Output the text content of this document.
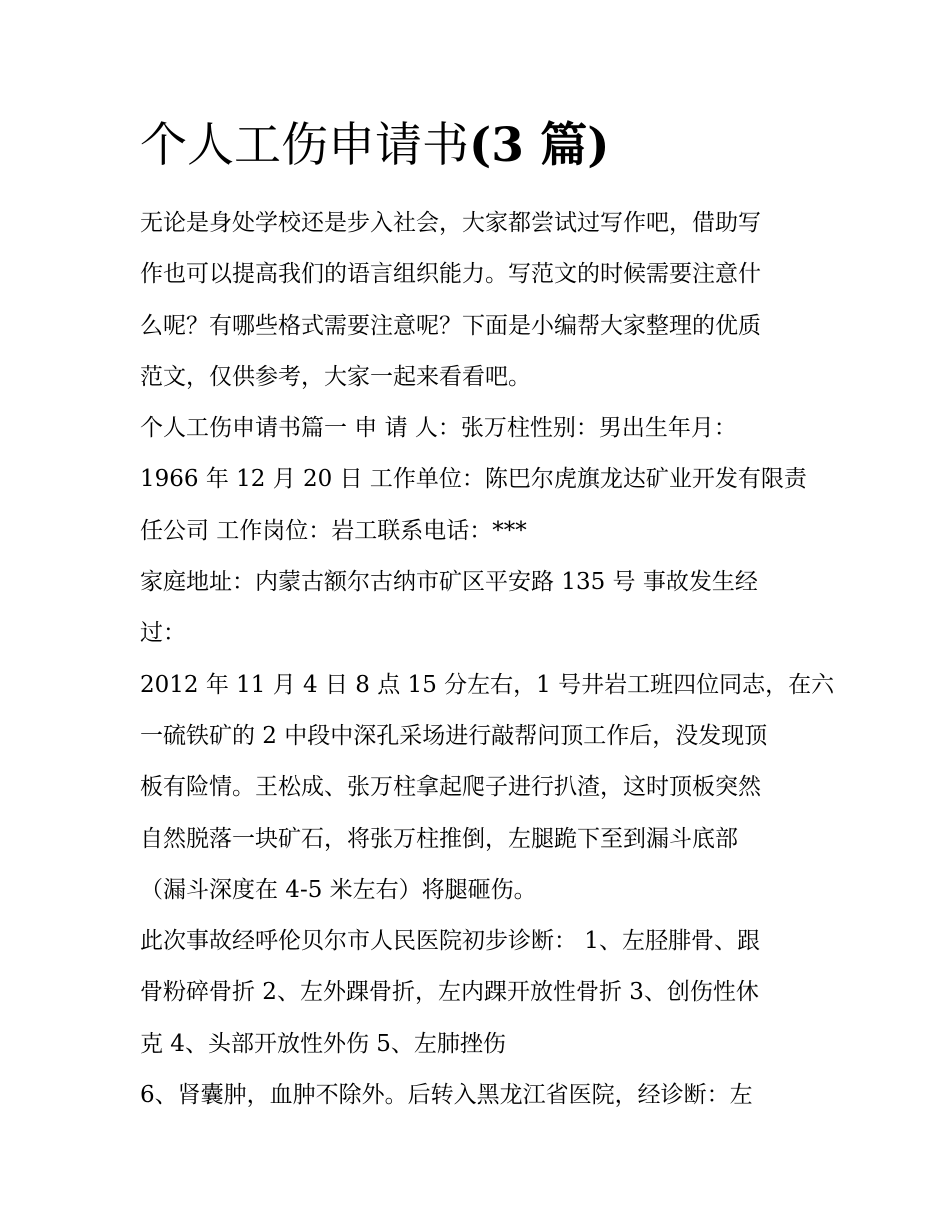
个人工伤申请书(3 篇)
无论是身处学校还是步入社会，大家都尝试过写作吧，借助写
作也可以提高我们的语言组织能力。写范文的时候需要注意什
么呢？有哪些格式需要注意呢？下面是小编帮大家整理的优质
范文，仅供参考，大家一起来看看吧。
个人工伤申请书篇一 申 请 人：张万柱性别：男出生年月：
1966 年 12 月 20 日 工作单位：陈巴尔虎旗龙达矿业开发有限责
任公司 工作岗位：岩工联系电话：***
家庭地址：内蒙古额尔古纳市矿区平安路 135 号 事故发生经
过：
2012 年 11 月 4 日 8 点 15 分左右，1 号井岩工班四位同志，在六
一硫铁矿的 2 中段中深孔采场进行敲帮问顶工作后，没发现顶
板有险情。王松成、张万柱拿起爬子进行扒渣，这时顶板突然
自然脱落一块矿石，将张万柱推倒，左腿跪下至到漏斗底部
（漏斗深度在 4-5 米左右）将腿砸伤。
此次事故经呼伦贝尔市人民医院初步诊断： 1、左胫腓骨、跟
骨粉碎骨折 2、左外踝骨折，左内踝开放性骨折 3、创伤性休
克 4、头部开放性外伤 5、左肺挫伤
6、肾囊肿，血肿不除外。后转入黑龙江省医院，经诊断：左
